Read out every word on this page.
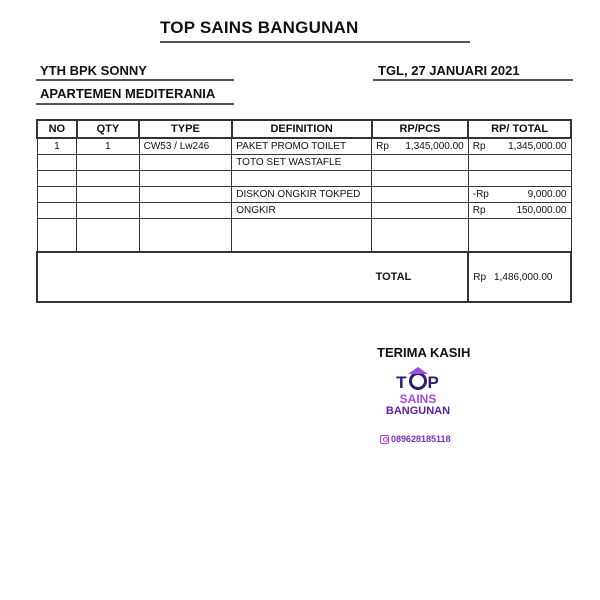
TOP SAINS BANGUNAN
YTH BPK SONNY
APARTEMEN MEDITERANIA
TGL, 27 JANUARI 2021
NO	QTY	TYPE	DEFINITION	RP/PCS	RP/ TOTAL
1	1	CW53 / Lw246	PAKET PROMO TOILET	Rp 1,345,000.00	Rp 1,345,000.00

			TOTO SET WASTAFLE	

			DISKON ONGKIR TOKPED		-Rp 9,000.00

			ONGKIR		Rp 150,000.00

				TOTAL	Rp 1,486,000.00
TERIMA KASIH
T P
SAINS
BANGUNAN
089628185118
